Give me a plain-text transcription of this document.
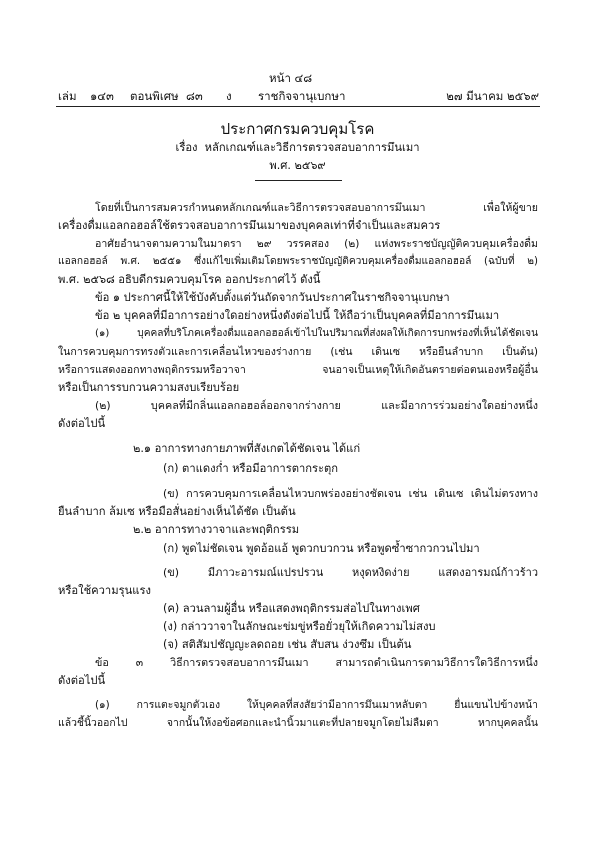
หน้า ๔๘
เล่ม ๑๔๓ ตอนพิเศษ ๘๓ ง ราชกิจจานุเบกษา	๒๗ มีนาคม ๒๕๖๙
ประกาศกรมควบคุมโรค
เรื่อง หลักเกณฑ์และวิธีการตรวจสอบอาการมึนเมา
พ.ศ. ๒๕๖๙
โดยที่เป็นการสมควรกำหนดหลักเกณฑ์และวิธีการตรวจสอบอาการมึนเมา เพื่อให้ผู้ขาย
เครื่องดื่มแอลกอฮอล์ใช้ตรวจสอบอาการมึนเมาของบุคคลเท่าที่จำเป็นและสมควร
อาศัยอำนาจตามความในมาตรา ๒๙ วรรคสอง (๒) แห่งพระราชบัญญัติควบคุมเครื่องดื่ม
แอลกอฮอล์ พ.ศ. ๒๕๕๑ ซึ่งแก้ไขเพิ่มเติมโดยพระราชบัญญัติควบคุมเครื่องดื่มแอลกอฮอล์ (ฉบับที่ ๒)
พ.ศ. ๒๕๖๘ อธิบดีกรมควบคุมโรค ออกประกาศไว้ ดังนี้
ข้อ ๑ ประกาศนี้ให้ใช้บังคับตั้งแต่วันถัดจากวันประกาศในราชกิจจานุเบกษา
ข้อ ๒ บุคคลที่มีอาการอย่างใดอย่างหนึ่งดังต่อไปนี้ ให้ถือว่าเป็นบุคคลที่มีอาการมึนเมา
(๑) บุคคลที่บริโภคเครื่องดื่มแอลกอฮอล์เข้าไปในปริมาณที่ส่งผลให้เกิดการบกพร่องที่เห็นได้ชัดเจน
ในการควบคุมการทรงตัวและการเคลื่อนไหวของร่างกาย (เช่น เดินเซ หรือยืนลำบาก เป็นต้น)
หรือการแสดงออกทางพฤติกรรมหรือวาจา จนอาจเป็นเหตุให้เกิดอันตรายต่อตนเองหรือผู้อื่น
หรือเป็นการรบกวนความสงบเรียบร้อย
(๒) บุคคลที่มีกลิ่นแอลกอฮอล์ออกจากร่างกาย และมีอาการร่วมอย่างใดอย่างหนึ่ง
ดังต่อไปนี้
๒.๑ อาการทางกายภาพที่สังเกตได้ชัดเจน ได้แก่
(ก) ตาแดงก่ำ หรือมีอาการตากระตุก
(ข) การควบคุมการเคลื่อนไหวบกพร่องอย่างชัดเจน เช่น เดินเซ เดินไม่ตรงทาง
ยืนลำบาก ล้มเซ หรือมือสั่นอย่างเห็นได้ชัด เป็นต้น
๒.๒ อาการทางวาจาและพฤติกรรม
(ก) พูดไม่ชัดเจน พูดอ้อแอ้ พูดวกบวกวน หรือพูดซ้ำซากวกวนไปมา
(ข) มีภาวะอารมณ์แปรปรวน หงุดหงิดง่าย แสดงอารมณ์ก้าวร้าว
หรือใช้ความรุนแรง
(ค) ลวนลามผู้อื่น หรือแสดงพฤติกรรมส่อไปในทางเพศ
(ง) กล่าววาจาในลักษณะข่มขู่หรือยั่วยุให้เกิดความไม่สงบ
(จ) สติสัมปชัญญะลดถอย เช่น สับสน ง่วงซึม เป็นต้น
ข้อ ๓ วิธีการตรวจสอบอาการมึนเมา สามารถดำเนินการตามวิธีการใดวิธีการหนึ่ง
ดังต่อไปนี้
(๑) การแตะจมูกตัวเอง ให้บุคคลที่สงสัยว่ามีอาการมึนเมาหลับตา ยื่นแขนไปข้างหน้า
แล้วชี้นิ้วออกไป จากนั้นให้งอข้อศอกและนำนิ้วมาแตะที่ปลายจมูกโดยไม่ลืมตา หากบุคคลนั้น
